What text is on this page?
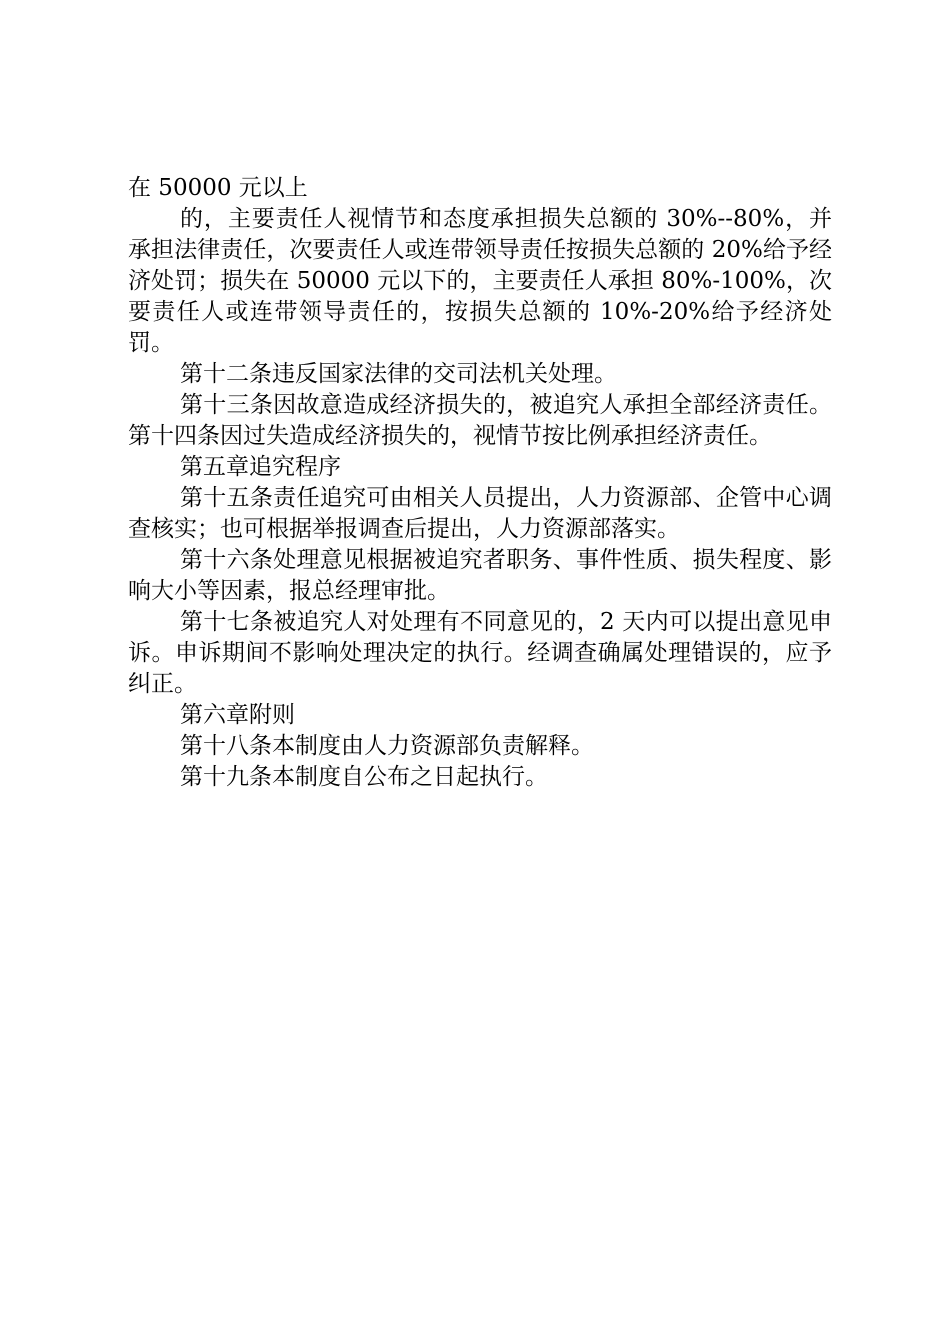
在 50000 元以上

的，主要责任人视情节和态度承担损失总额的 30%--80%，并承担法律责任，次要责任人或连带领导责任按损失总额的 20%给予经济处罚；损失在 50000 元以下的，主要责任人承担 80%-100%，次要责任人或连带领导责任的，按损失总额的 10%-20%给予经济处罚。

第十二条违反国家法律的交司法机关处理。

第十三条因故意造成经济损失的，被追究人承担全部经济责任。第十四条因过失造成经济损失的，视情节按比例承担经济责任。

第五章追究程序

第十五条责任追究可由相关人员提出，人力资源部、企管中心调查核实；也可根据举报调查后提出，人力资源部落实。

第十六条处理意见根据被追究者职务、事件性质、损失程度、影响大小等因素，报总经理审批。

第十七条被追究人对处理有不同意见的，2 天内可以提出意见申诉。申诉期间不影响处理决定的执行。经调查确属处理错误的，应予纠正。

第六章附则

第十八条本制度由人力资源部负责解释。

第十九条本制度自公布之日起执行。
